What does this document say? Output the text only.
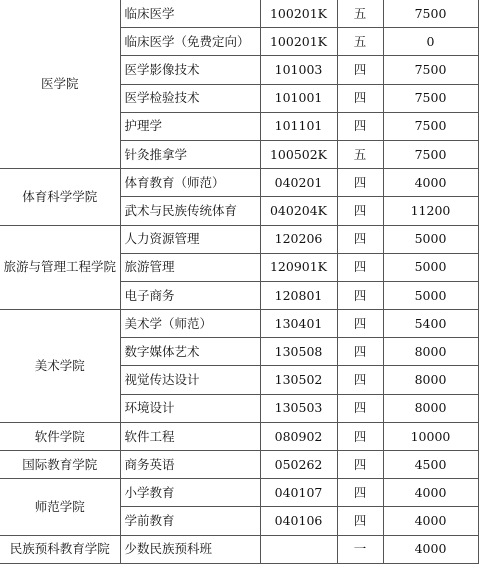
医学院	临床医学	100201K	五	7500
	临床医学（免费定向）	100201K	五	0
	医学影像技术	101003	四	7500
	医学检验技术	101001	四	7500
	护理学	101101	四	7500
	针灸推拿学	100502K	五	7500
体育科学学院	体育教育（师范）	040201	四	4000
	武术与民族传统体育	040204K	四	11200
旅游与管理工程学院	人力资源管理	120206	四	5000
	旅游管理	120901K	四	5000
	电子商务	120801	四	5000
美术学院	美术学（师范）	130401	四	5400
	数字媒体艺术	130508	四	8000
	视觉传达设计	130502	四	8000
	环境设计	130503	四	8000
软件学院	软件工程	080902	四	10000
国际教育学院	商务英语	050262	四	4500
师范学院	小学教育	040107	四	4000
	学前教育	040106	四	4000
民族预科教育学院	少数民族预科班		一	4000
